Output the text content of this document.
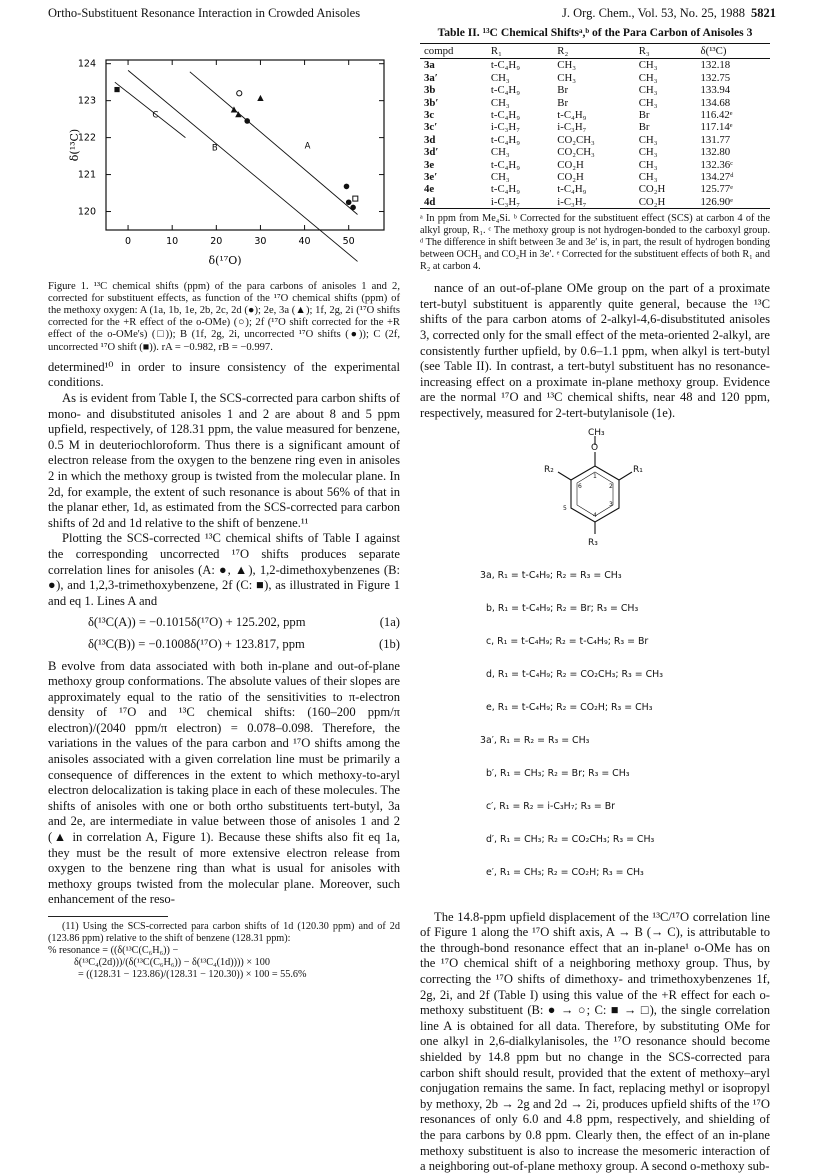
Ortho-Substituent Resonance Interaction in Crowded Anisoles	J. Org. Chem., Vol. 53, No. 25, 1988 5821
0	10	20	30	40	50
120
121
122
123
124
δ(¹⁷O)
δ(¹³C)	A
B
C

Figure 1. ¹³C chemical shifts (ppm) of the para carbons of anisoles 1 and 2, corrected for substituent effects, as function of the ¹⁷O chemical shifts (ppm) of the methoxy oxygen: A (1a, 1b, 1e, 2b, 2c, 2d (●); 2e, 3a (▲); 1f, 2g, 2i (¹⁷O shifts corrected for the +R effect of the o-OMe) (○); 2f (¹⁷O shift corrected for the +R effect of the o-OMe's) (□)); B (1f, 2g, 2i, uncorrected ¹⁷O shifts (●)); C (2f, uncorrected ¹⁷O shift (■)). rA = −0.982, rB = −0.997.

determined¹⁰ in order to insure consistency of the experimental conditions.

As is evident from Table I, the SCS-corrected para carbon shifts of mono- and disubstituted anisoles 1 and 2 are about 8 and 5 ppm upfield, respectively, of 128.31 ppm, the value measured for benzene, 0.5 M in deuteriochloroform. Thus there is a significant amount of electron release from the oxygen to the benzene ring even in anisoles 2 in which the methoxy group is twisted from the molecular plane. In 2d, for example, the extent of such resonance is about 56% of that in the planar ether, 1d, as estimated from the SCS-corrected para carbon shifts of 2d and 1d relative to the shift of benzene.¹¹

Plotting the SCS-corrected ¹³C chemical shifts of Table I against the corresponding uncorrected ¹⁷O shifts produces separate correlation lines for anisoles (A: ●, ▲), 1,2-dimethoxybenzenes (B: ●), and 1,2,3-trimethoxybenzene, 2f (C: ■), as illustrated in Figure 1 and eq 1. Lines A and

δ(¹³C(A)) = −0.1015δ(¹⁷O) + 125.202, ppm	(1a)
δ(¹³C(B)) = −0.1008δ(¹⁷O) + 123.817, ppm	(1b)

B evolve from data associated with both in-plane and out-of-plane methoxy group conformations. The absolute values of their slopes are approximately equal to the ratio of the sensitivities to π-electron density of ¹⁷O and ¹³C chemical shifts: (160–200 ppm/π electron)/(2040 ppm/π electron) = 0.078–0.098. Therefore, the variations in the values of the para carbon and ¹⁷O shifts among the anisoles associated with a given correlation line must be primarily a consequence of differences in the extent to which methoxy-to-aryl electron delocalization is taking place in each of these molecules. The shifts of anisoles with one or both ortho substituents tert-butyl, 3a and 2e, are intermediate in value between those of anisoles 1 and 2 (▲ in correlation A, Figure 1). Because these shifts also fit eq 1a, they must be the result of more extensive electron release from oxygen to the benzene ring than what is usual for anisoles with methoxy groups twisted from the molecular plane. Moreover, such enhancement of the reso-

(11) Using the SCS-corrected para carbon shifts of 1d (120.30 ppm) and of 2d (123.86 ppm) relative to the shift of benzene (128.31 ppm):

% resonance = ((δ(¹³C(C₆H₆)) −

δ(¹³C₄(2d)))/(δ(¹³C(C₆H₆)) − δ(¹³C₄(1d)))) × 100

= ((128.31 − 123.86)/(128.31 − 120.30)) × 100 = 55.6%

Table II. ¹³C Chemical Shiftsᵃ,ᵇ of the Para Carbon of Anisoles 3
compd	R₁	R₂	R₃	δ(¹³C)
3a	t-C₄H₉	CH₃	CH₃	132.18
3a′	CH₃	CH₃	CH₃	132.75
3b	t-C₄H₉	Br	CH₃	133.94
3b′	CH₃	Br	CH₃	134.68
3c	t-C₄H₉	t-C₄H₉	Br	116.42ᵉ
3c′	i-C₃H₇	i-C₃H₇	Br	117.14ᵉ
3d	t-C₄H₉	CO₂CH₃	CH₃	131.77
3d′	CH₃	CO₂CH₃	CH₃	132.80
3e	t-C₄H₉	CO₂H	CH₃	132.36ᶜ
3e′	CH₃	CO₂H	CH₃	134.27ᵈ
4e	t-C₄H₉	t-C₄H₉	CO₂H	125.77ᵉ
4d	i-C₃H₇	i-C₃H₇	CO₂H	126.90ᵉ

ᵃ In ppm from Me₄Si. ᵇ Corrected for the substituent effect (SCS) at carbon 4 of the alkyl group, R₁. ᶜ The methoxy group is not hydrogen-bonded to the carboxyl group. ᵈ The difference in shift between 3e and 3e′ is, in part, the result of hydrogen bonding between OCH₃ and CO₂H in 3e′. ᵉ Corrected for the substituent effects of both R₁ and R₂ at carbon 4.

nance of an out-of-plane OMe group on the part of a proximate tert-butyl substituent is apparently quite general, because the ¹³C shifts of the para carbon atoms of 2-alkyl-4,6-disubstituted anisoles 3, corrected only for the small effect of the meta-oriented 2-alkyl, are consistently further upfield, by 0.6–1.1 ppm, when alkyl is tert-butyl (see Table II). In contrast, a tert-butyl substituent has no resonance-increasing effect on a proximate in-plane methoxy group. Evidence are the normal ¹⁷O and ¹³C chemical shifts, near 48 and 120 ppm, respectively, measured for 2-tert-butylanisole (1e).

CH₃
O
R₁
R₂
R₃
1
2
3
4
5
6

3a, R₁ = t-C₄H₉; R₂ = R₃ = CH₃

b, R₁ = t-C₄H₉; R₂ = Br; R₃ = CH₃

c, R₁ = t-C₄H₉; R₂ = t-C₄H₉; R₃ = Br

d, R₁ = t-C₄H₉; R₂ = CO₂CH₃; R₃ = CH₃

e, R₁ = t-C₄H₉; R₂ = CO₂H; R₃ = CH₃

3a′, R₁ = R₂ = R₃ = CH₃

b′, R₁ = CH₃; R₂ = Br; R₃ = CH₃

c′, R₁ = R₂ = i-C₃H₇; R₃ = Br

d′, R₁ = CH₃; R₂ = CO₂CH₃; R₃ = CH₃

e′, R₁ = CH₃; R₂ = CO₂H; R₃ = CH₃

The 14.8-ppm upfield displacement of the ¹³C/¹⁷O correlation line of Figure 1 along the ¹⁷O shift axis, A → B (→ C), is attributable to the through-bond resonance effect that an in-plane¹ o-OMe has on the ¹⁷O chemical shift of a neighboring methoxy group. Thus, by correcting the ¹⁷O shifts of dimethoxy- and trimethoxybenzenes 1f, 2g, 2i, and 2f (Table I) using this value of the +R effect for each o-methoxy substituent (B: ● → ○; C: ■ → □), the single correlation line A is obtained for all data. Therefore, by substituting OMe for one alkyl in 2,6-dialkylanisoles, the ¹⁷O resonance should become shielded by 14.8 ppm but no change in the SCS-corrected para carbon shift should result, provided that the extent of methoxy–aryl conjugation remains the same. In fact, replacing methyl or isopropyl by methoxy, 2b → 2g and 2d → 2i, produces upfield shifts of the ¹⁷O resonances of only 6.0 and 4.8 ppm, respectively, and shielding of the para carbons by 0.8 ppm. Clearly then, the effect of an in-plane methoxy substituent is also to increase the mesomeric interaction of a neighboring out-of-plane methoxy group. A second o-methoxy sub-
